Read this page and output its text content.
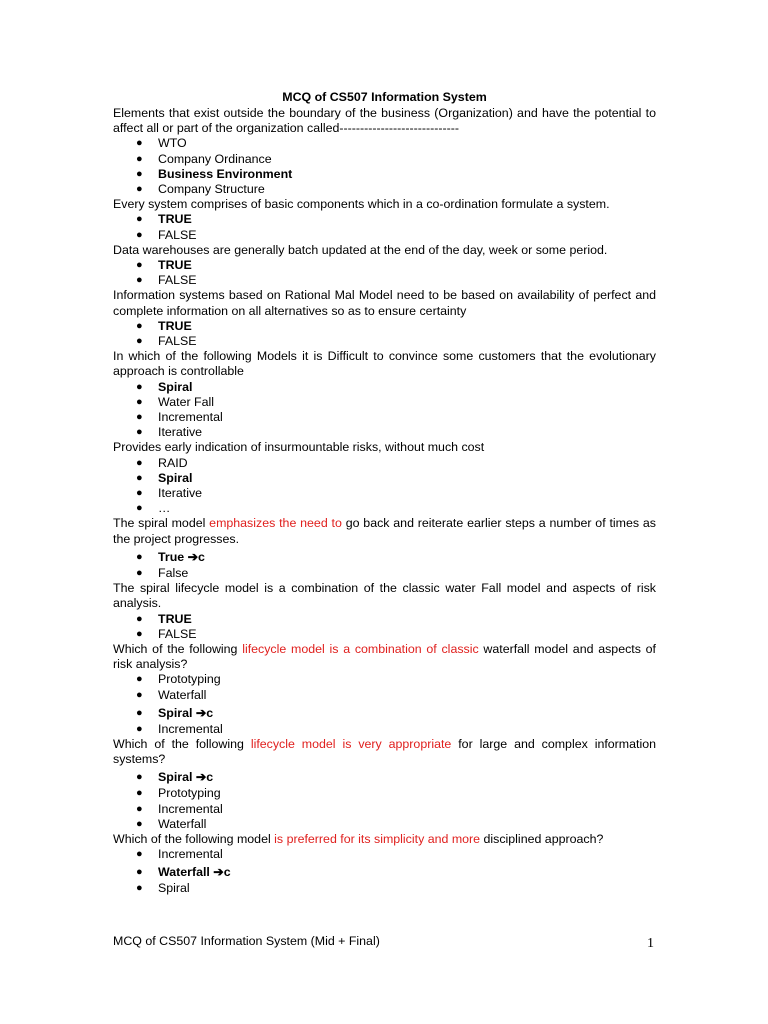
MCQ of CS507 Information System
Elements that exist outside the boundary of the business (Organization) and have the potential to affect all or part of the organization called-----------------------------
● WTO
● Company Ordinance
● Business Environment
● Company Structure
Every system comprises of basic components which in a co-ordination formulate a system.
● TRUE
● FALSE
Data warehouses are generally batch updated at the end of the day, week or some period.
● TRUE
● FALSE
Information systems based on Rational Mal Model need to be based on availability of perfect and complete information on all alternatives so as to ensure certainty
● TRUE
● FALSE
In which of the following Models it is Difficult to convince some customers that the evolutionary approach is controllable
● Spiral
● Water Fall
● Incremental
● Iterative
Provides early indication of insurmountable risks, without much cost
● RAID
● Spiral
● Iterative
● …
The spiral model emphasizes the need to go back and reiterate earlier steps a number of times as the project progresses.
● True ➔c
● False
The spiral lifecycle model is a combination of the classic water Fall model and aspects of risk analysis.
● TRUE
● FALSE
Which of the following lifecycle model is a combination of classic waterfall model and aspects of risk analysis?
● Prototyping
● Waterfall
● Spiral ➔c
● Incremental
Which of the following lifecycle model is very appropriate for large and complex information systems?
● Spiral ➔c
● Prototyping
● Incremental
● Waterfall
Which of the following model is preferred for its simplicity and more disciplined approach?
● Incremental
● Waterfall ➔c
● Spiral
MCQ of CS507 Information System (Mid + Final)	1
